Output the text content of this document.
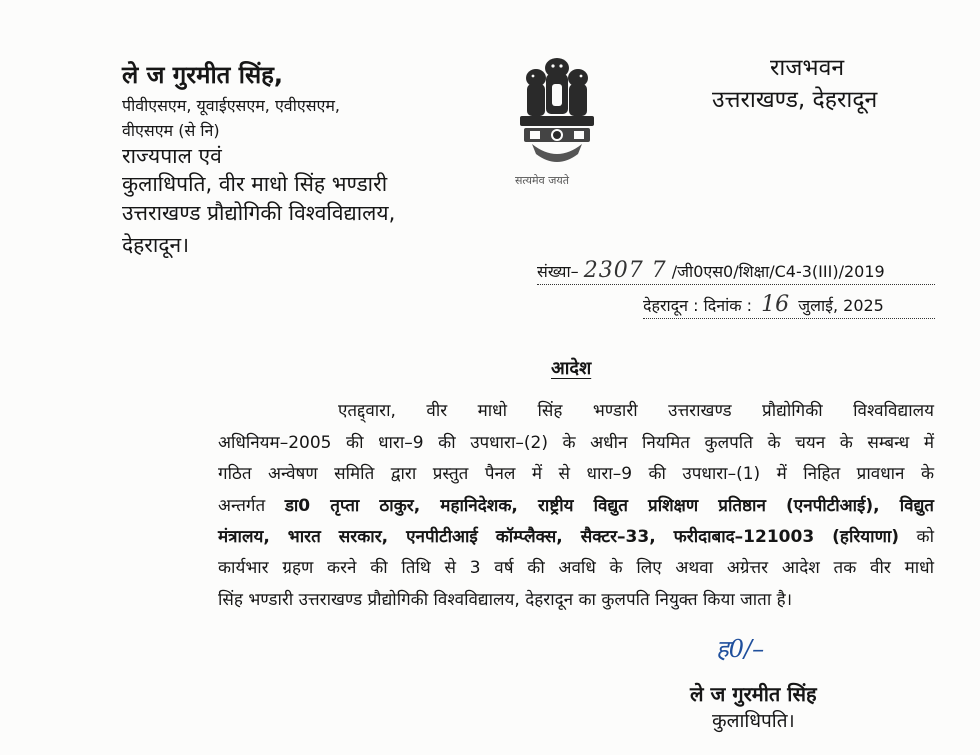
ले ज गुरमीत सिंह,
पीवीएसएम, यूवाईएसएम, एवीएसएम,
वीएसएम (से नि)
राज्यपाल एवं
कुलाधिपति, वीर माधो सिंह भण्डारी
उत्तराखण्ड प्रौद्योगिकी विश्वविद्यालय,
देहरादून।
सत्यमेव जयते
राजभवन
उत्तराखण्ड, देहरादून
संख्या– 2307 7 /जी0एस0/शिक्षा/C4-3(III)/2019
देहरादून : दिनांक : 16 जुलाई, 2025
आदेश
एतद्द्वारा, वीर माधो सिंह भण्डारी उत्तराखण्ड प्रौद्योगिकी विश्वविद्यालय
अधिनियम–2005 की धारा–9 की उपधारा–(2) के अधीन नियमित कुलपति के चयन के सम्बन्ध में
गठित अन्वेषण समिति द्वारा प्रस्तुत पैनल में से धारा–9 की उपधारा–(1) में निहित प्रावधान के
अन्तर्गत डा0 तृप्ता ठाकुर, महानिदेशक, राष्ट्रीय विद्युत प्रशिक्षण प्रतिष्ठान (एनपीटीआई), विद्युत
मंत्रालय, भारत सरकार, एनपीटीआई कॉम्प्लैक्स, सैक्टर–33, फरीदाबाद–121003 (हरियाणा) को
कार्यभार ग्रहण करने की तिथि से 3 वर्ष की अवधि के लिए अथवा अग्रेत्तर आदेश तक वीर माधो
सिंह भण्डारी उत्तराखण्ड प्रौद्योगिकी विश्वविद्यालय, देहरादून का कुलपति नियुक्त किया जाता है।
ह0/–
ले ज गुरमीत सिंह
कुलाधिपति।
